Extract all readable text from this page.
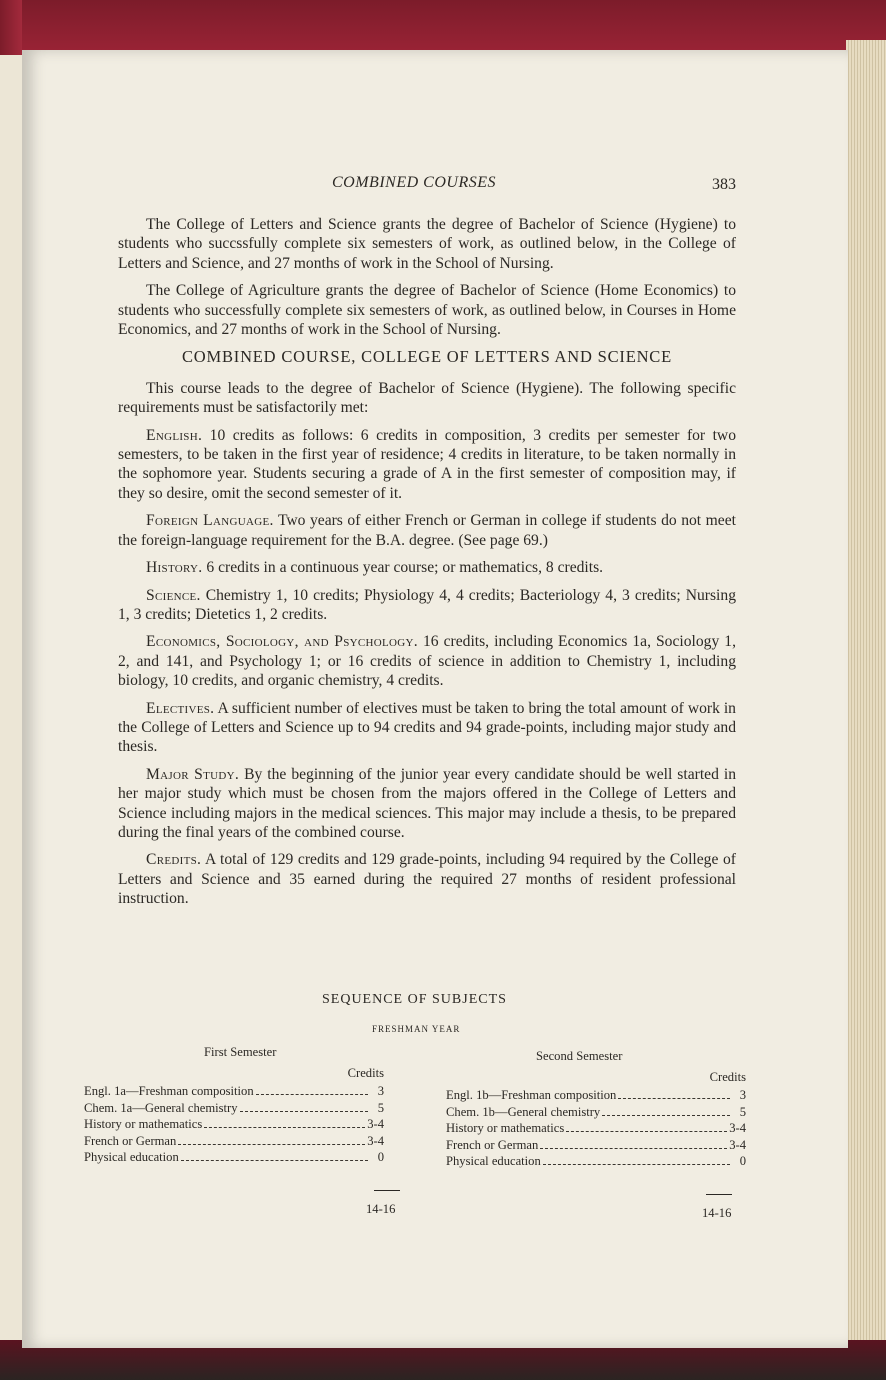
COMBINED COURSES	383

The College of Letters and Science grants the degree of Bachelor of Science (Hygiene) to students who succssfully complete six semesters of work, as outlined below, in the College of Letters and Science, and 27 months of work in the School of Nursing.

The College of Agriculture grants the degree of Bachelor of Science (Home Economics) to students who successfully complete six semesters of work, as outlined below, in Courses in Home Economics, and 27 months of work in the School of Nursing.

COMBINED COURSE, COLLEGE OF LETTERS AND SCIENCE

This course leads to the degree of Bachelor of Science (Hygiene). The following specific requirements must be satisfactorily met:

English. 10 credits as follows: 6 credits in composition, 3 credits per semester for two semesters, to be taken in the first year of residence; 4 credits in literature, to be taken normally in the sophomore year. Students securing a grade of A in the first semester of composition may, if they so desire, omit the second semester of it.

Foreign Language. Two years of either French or German in college if students do not meet the foreign-language requirement for the B.A. degree. (See page 69.)

History. 6 credits in a continuous year course; or mathematics, 8 credits.

Science. Chemistry 1, 10 credits; Physiology 4, 4 credits; Bacteriology 4, 3 credits; Nursing 1, 3 credits; Dietetics 1, 2 credits.

Economics, Sociology, and Psychology. 16 credits, including Economics 1a, Sociology 1, 2, and 141, and Psychology 1; or 16 credits of science in addition to Chemistry 1, including biology, 10 credits, and organic chemistry, 4 credits.

Electives. A sufficient number of electives must be taken to bring the total amount of work in the College of Letters and Science up to 94 credits and 94 grade-points, including major study and thesis.

Major Study. By the beginning of the junior year every candidate should be well started in her major study which must be chosen from the majors offered in the College of Letters and Science including majors in the medical sciences. This major may include a thesis, to be prepared during the final years of the combined course.

Credits. A total of 129 credits and 129 grade-points, including 94 required by the College of Letters and Science and 35 earned during the required 27 months of resident professional instruction.

SEQUENCE OF SUBJECTS
FRESHMAN YEAR
First Semester
Credits
Engl. 1a—Freshman composition	3
Chem. 1a—General chemistry	5
History or mathematics	3-4
French or German	3-4
Physical education	0
14-16
Second Semester
Credits
Engl. 1b—Freshman composition	3
Chem. 1b—General chemistry	5
History or mathematics	3-4
French or German	3-4
Physical education	0
14-16
